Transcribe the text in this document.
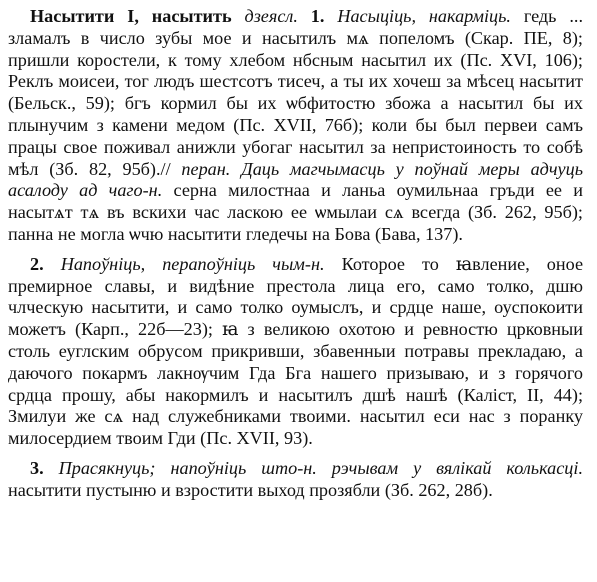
Насытити I, насытить дзеясл. 1. Насыціць, накарміць. гедь ... зламалъ в число зубы мое и насытилъ мѧ попеломъ (Скар. ПЕ, 8); пришли коростели, к тому хлебом нбсным насытил их (Пс. XVI, 106); Реклъ моисеи, тог людъ шестсотъ тисеч, а ты их хочеш за мѣсец насытит (Бельск., 59); бгъ кормил бы их ѡбфитостю збожа а насытил бы их плынучим з камени медом (Пс. XVII, 76б); коли бы был первеи самъ працы свое поживал анижли убогаг насытил за непристоиность то собѣ мѣл (Зб. 82, 95б).// перан. Даць магчымасць у поўнай меры адчуць асалоду ад чаго-н. серна милостнаа и ланьа оумильнаа гръди ее и насытѧт тѧ въ вскихи час ласкою ее ѡмылаи сѧ всегда (Зб. 262, 95б); панна не могла ѡчю насытити гледечы на Бова (Бава, 137).

2. Напоўніць, перапоўніць чым-н. Которое то ꙗвление, оное премирное славы, и видѣние престола лица его, само толко, дшю члческую насытити, и само толко оумыслъ, и срдце наше, оуспокоити можетъ (Карп., 22б—23); ꙗ з великою охотою и ревностю црковныи столь еуглским обрусом прикривши, збавенныи потравы прекладаю, а даючого покармъ лакнѹчим Гда Бга нашего призываю, и з горячого срдца прошу, абы накормилъ и насытилъ дшѣ нашѣ (Каліст, II, 44); Змилуи же сѧ над служебниками твоими. насытил еси нас з поранку милосердием твоим Гди (Пс. XVII, 93).

3. Прасякнуць; напоўніць што-н. рэчывам у вялікай колькасці. насытити пустыню и взростити выход прозябли (Зб. 262, 28б).
